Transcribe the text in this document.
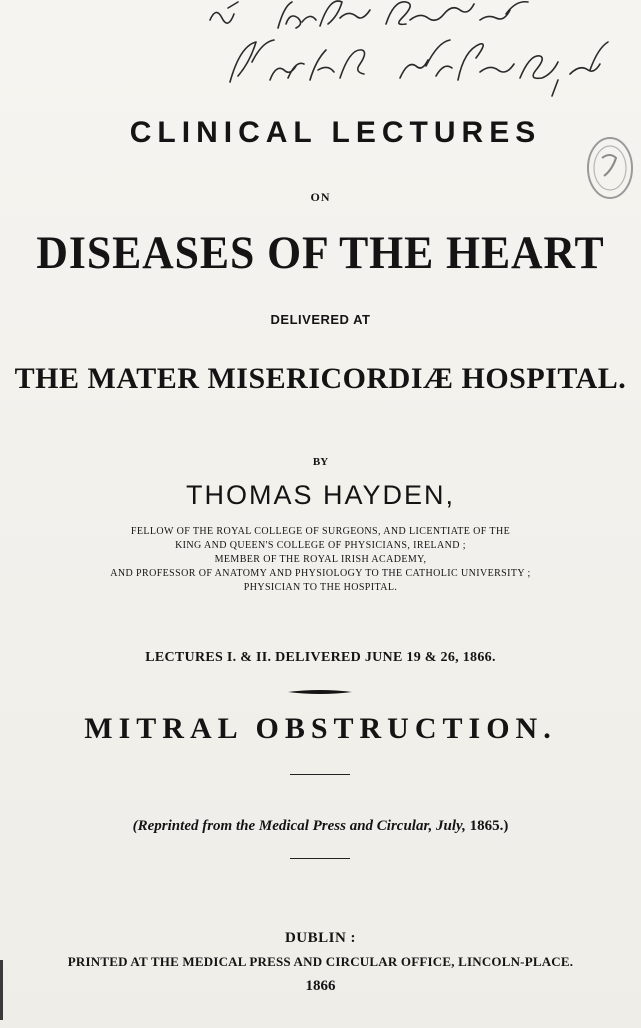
CLINICAL LECTURES
ON
DISEASES OF THE HEART
DELIVERED AT
THE MATER MISERICORDIÆ HOSPITAL.
BY
THOMAS HAYDEN,
FELLOW OF THE ROYAL COLLEGE OF SURGEONS, AND LICENTIATE OF THE
KING AND QUEEN'S COLLEGE OF PHYSICIANS, IRELAND ;
MEMBER OF THE ROYAL IRISH ACADEMY,
AND PROFESSOR OF ANATOMY AND PHYSIOLOGY TO THE CATHOLIC UNIVERSITY ;
PHYSICIAN TO THE HOSPITAL.
LECTURES I. & II. DELIVERED JUNE 19 & 26, 1866.
MITRAL OBSTRUCTION.
(Reprinted from the Medical Press and Circular, July, 1865.)
DUBLIN :
PRINTED AT THE MEDICAL PRESS AND CIRCULAR OFFICE, LINCOLN-PLACE.
1866
